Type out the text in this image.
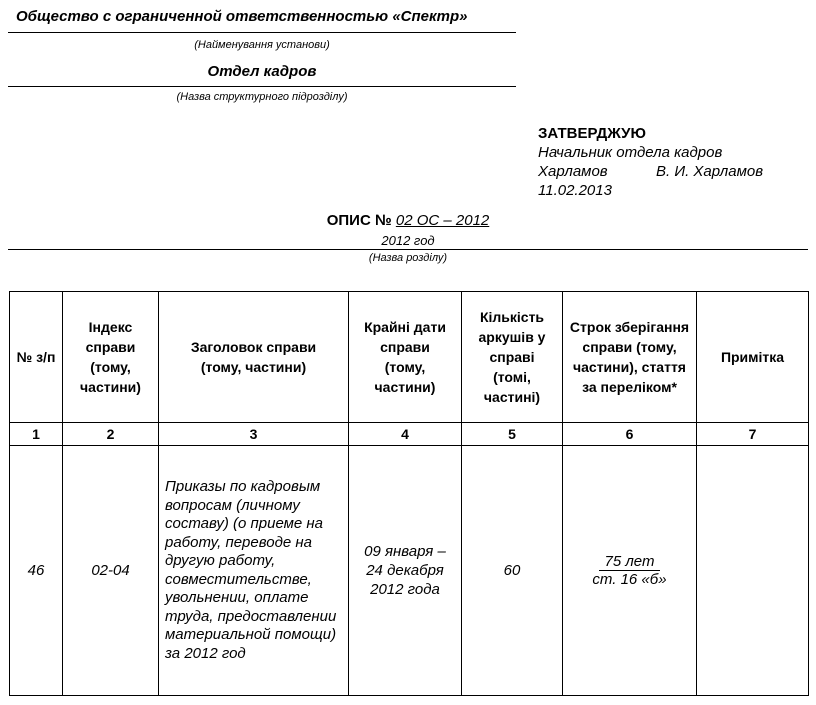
Общество с ограниченной ответственностью «Спектр»
(Найменування установи)
Отдел кадров
(Назва структурного підрозділу)
ЗАТВЕРДЖУЮ
Начальник отдела кадров
Харламов	В. И. Харламов
11.02.2013
ОПИС № 02 ОС – 2012
2012 год
(Назва розділу)
№ з/п	Індекс справи (тому, частини)	Заголовок справи (тому, частини)	Крайні дати справи (тому, частини)	Кількість аркушів у справі (томі, частині)	Строк зберігання справи (тому, частини), стаття за переліком*	Примітка
1	2	3	4	5	6	7
46	02-04	Приказы по кадровым вопросам (личному составу) (о приеме на работу, переводе на другую работу, совместительстве, увольнении, оплате труда, предоставлении материальной помощи) за 2012 год	09 января – 24 декабря 2012 года	60	75 лет
ст. 16 «б»	
